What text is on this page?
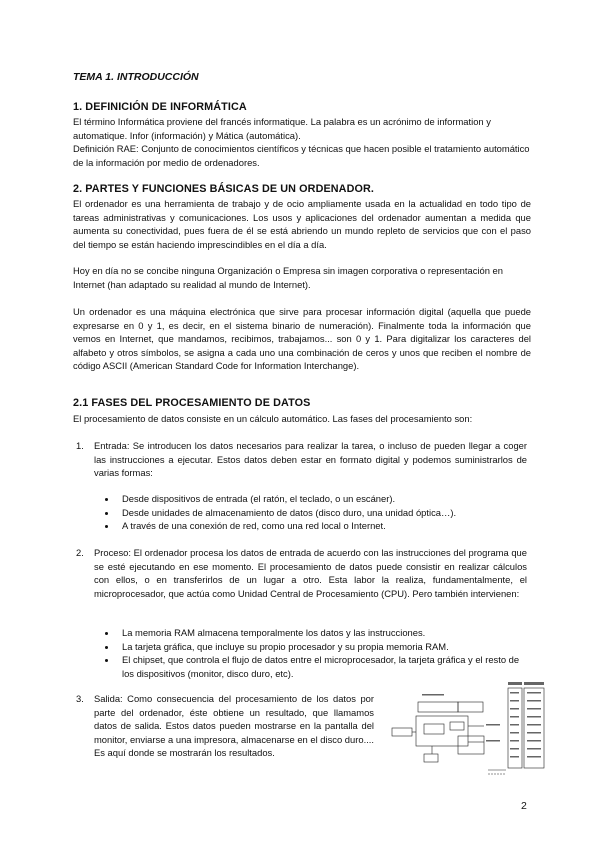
TEMA 1. INTRODUCCIÓN

1. DEFINICIÓN DE INFORMÁTICA

El término Informática proviene del francés informatique. La palabra es un acrónimo de information y automatique. Infor (información) y Mática (automática).

Definición RAE: Conjunto de conocimientos científicos y técnicas que hacen posible el tratamiento automático de la información por medio de ordenadores.

2. PARTES Y FUNCIONES BÁSICAS DE UN ORDENADOR.

El ordenador es una herramienta de trabajo y de ocio ampliamente usada en la actualidad en todo tipo de tareas administrativas y comunicaciones. Los usos y aplicaciones del ordenador aumentan a medida que aumenta su conectividad, pues fuera de él se está abriendo un mundo repleto de servicios que con el paso del tiempo se están haciendo imprescindibles en el día a día.

Hoy en día no se concibe ninguna Organización o Empresa sin imagen corporativa o representación en Internet (han adaptado su realidad al mundo de Internet).

Un ordenador es una máquina electrónica que sirve para procesar información digital (aquella que puede expresarse en 0 y 1, es decir, en el sistema binario de numeración). Finalmente toda la información que vemos en Internet, que mandamos, recibimos, trabajamos... son 0 y 1. Para digitalizar los caracteres del alfabeto y otros símbolos, se asigna a cada uno una combinación de ceros y unos que reciben el nombre de código ASCII (American Standard Code for Information Interchange).

2.1 FASES DEL PROCESAMIENTO DE DATOS

El procesamiento de datos consiste en un cálculo automático. Las fases del procesamiento son:

1. Entrada: Se introducen los datos necesarios para realizar la tarea, o incluso de pueden llegar a coger las instrucciones a ejecutar. Estos datos deben estar en formato digital y podemos suministrarlos de varias formas:

Desde dispositivos de entrada (el ratón, el teclado, o un escáner).

Desde unidades de almacenamiento de datos (disco duro, una unidad óptica…).

A través de una conexión de red, como una red local o Internet.

2. Proceso: El ordenador procesa los datos de entrada de acuerdo con las instrucciones del programa que se esté ejecutando en ese momento. El procesamiento de datos puede consistir en realizar cálculos con ellos, o en transferirlos de un lugar a otro. Esta labor la realiza, fundamentalmente, el microprocesador, que actúa como Unidad Central de Procesamiento (CPU). Pero también intervienen:

La memoria RAM almacena temporalmente los datos y las instrucciones.

La tarjeta gráfica, que incluye su propio procesador y su propia memoria RAM.

El chipset, que controla el flujo de datos entre el microprocesador, la tarjeta gráfica y el resto de los dispositivos (monitor, disco duro, etc).

3. Salida: Como consecuencia del procesamiento de los datos por parte del ordenador, éste obtiene un resultado, que llamamos datos de salida. Estos datos pueden mostrarse en la pantalla del monitor, enviarse a una impresora, almacenarse en el disco duro.... Es aquí donde se mostrarán los resultados.

2
